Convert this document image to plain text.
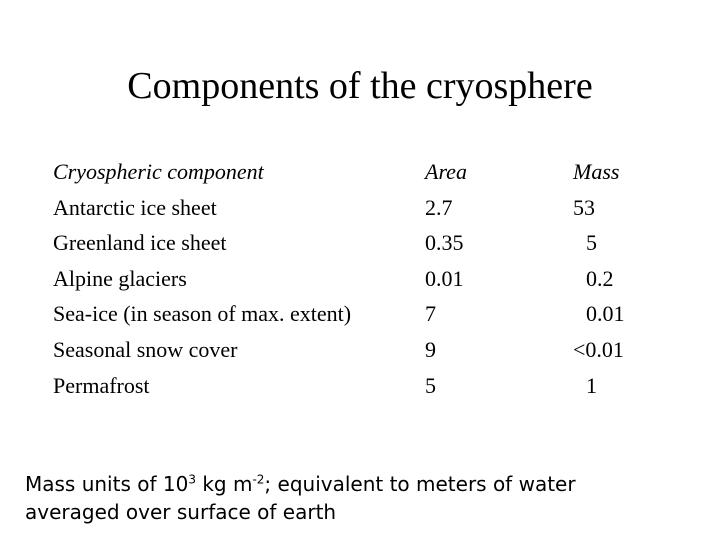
Components of the cryosphere
Cryospheric component	Area	Mass
Antarctic ice sheet	2.7	53
Greenland ice sheet	0.35	5
Alpine glaciers	0.01	0.2
Sea-ice (in season of max. extent)	7	0.01
Seasonal snow cover	9	<0.01
Permafrost	5	1
Mass units of $10^3$ kg $m^{-2}$; equivalent to meters of water
averaged over surface of earth
